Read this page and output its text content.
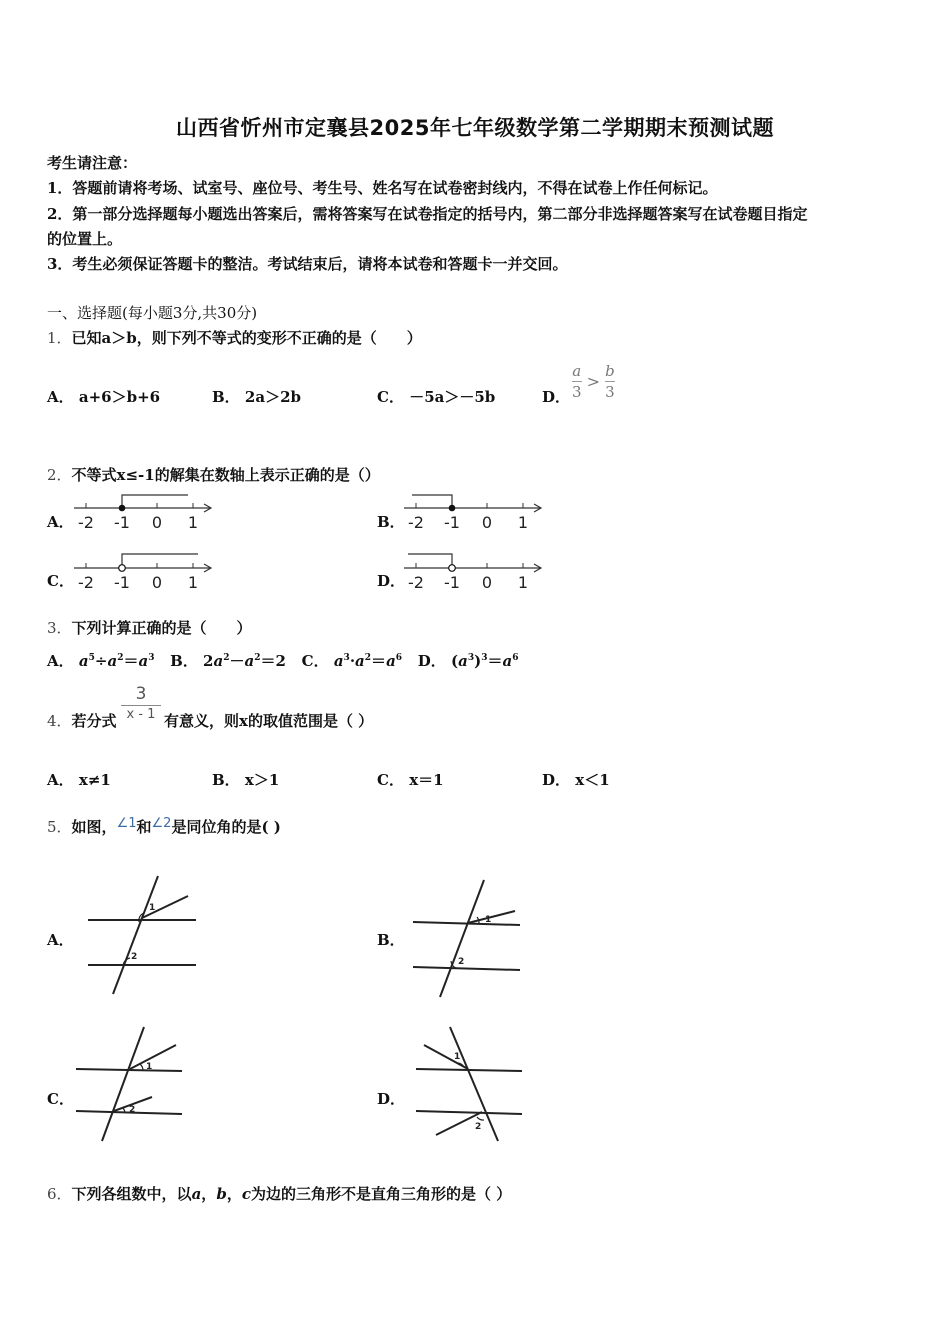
山西省忻州市定襄县2025年七年级数学第二学期期末预测试题
考生请注意：
1．答题前请将考场、试室号、座位号、考生号、姓名写在试卷密封线内，不得在试卷上作任何标记。
2．第一部分选择题每小题选出答案后，需将答案写在试卷指定的括号内，第二部分非选择题答案写在试卷题目指定
的位置上。
3．考生必须保证答题卡的整洁。考试结束后，请将本试卷和答题卡一并交回。
一、选择题(每小题3分,共30分)
1．已知a＞b，则下列不等式的变形不正确的是（　　）
A． a+6＞b+6	B． 2a＞2b	C． －5a＞－5b	D． $\frac{a}{3} > \frac{b}{3}$
2．不等式x≤-1的解集在数轴上表示正确的是（）
A． -2 -1 0 1	B． -2 -1 0 1
C． -2 -1 0 1	D． -2 -1 0 1
3．下列计算正确的是（　　）
A． $a^5\div a^2=a^3$ B． $2a^2-a^2=2$ C． $a^3\cdot a^2=a^6$ D． $(a^3)^3=a^6$
4．若分式
3
x - 1 有意义，则x的取值范围是（ ）
A． x≠1	B． x＞1	C． x＝1	D． x＜1
5．如图，∠1和∠2是同位角的是( )
A．
1
2
B．
1
2
C．
1
2
D．
1
2
6．下列各组数中，以a，b，c为边的三角形不是直角三角形的是（ ）
